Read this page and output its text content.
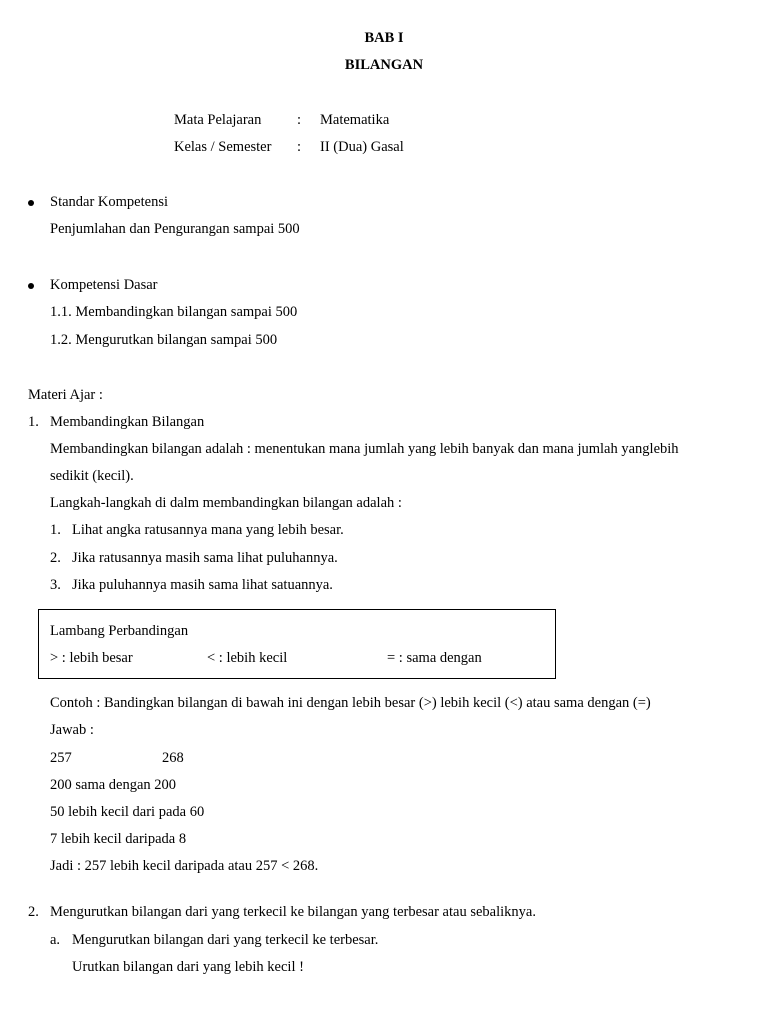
BAB I
BILANGAN
Mata Pelajaran : Matematika
Kelas / Semester : II (Dua) Gasal
Standar Kompetensi
Penjumlahan dan Pengurangan sampai 500
Kompetensi Dasar
1.1. Membandingkan bilangan sampai 500
1.2. Mengurutkan bilangan sampai 500
Materi Ajar :
1. Membandingkan Bilangan
Membandingkan bilangan adalah : menentukan mana jumlah yang lebih banyak dan mana jumlah yanglebih
sedikit (kecil).
Langkah-langkah di dalm membandingkan bilangan adalah :
1. Lihat angka ratusannya mana yang lebih besar.
2. Jika ratusannya masih sama lihat puluhannya.
3. Jika puluhannya masih sama lihat satuannya.
Lambang Perbandingan
> : lebih besar	< : lebih kecil	= : sama dengan
Contoh : Bandingkan bilangan di bawah ini dengan lebih besar (>) lebih kecil (<) atau sama dengan (=)
Jawab :
257	268
200 sama dengan 200
50 lebih kecil dari pada 60
7 lebih kecil daripada 8
Jadi : 257 lebih kecil daripada atau 257 < 268.
2. Mengurutkan bilangan dari yang terkecil ke bilangan yang terbesar atau sebaliknya.
a. Mengurutkan bilangan dari yang terkecil ke terbesar.
Urutkan bilangan dari yang lebih kecil !
